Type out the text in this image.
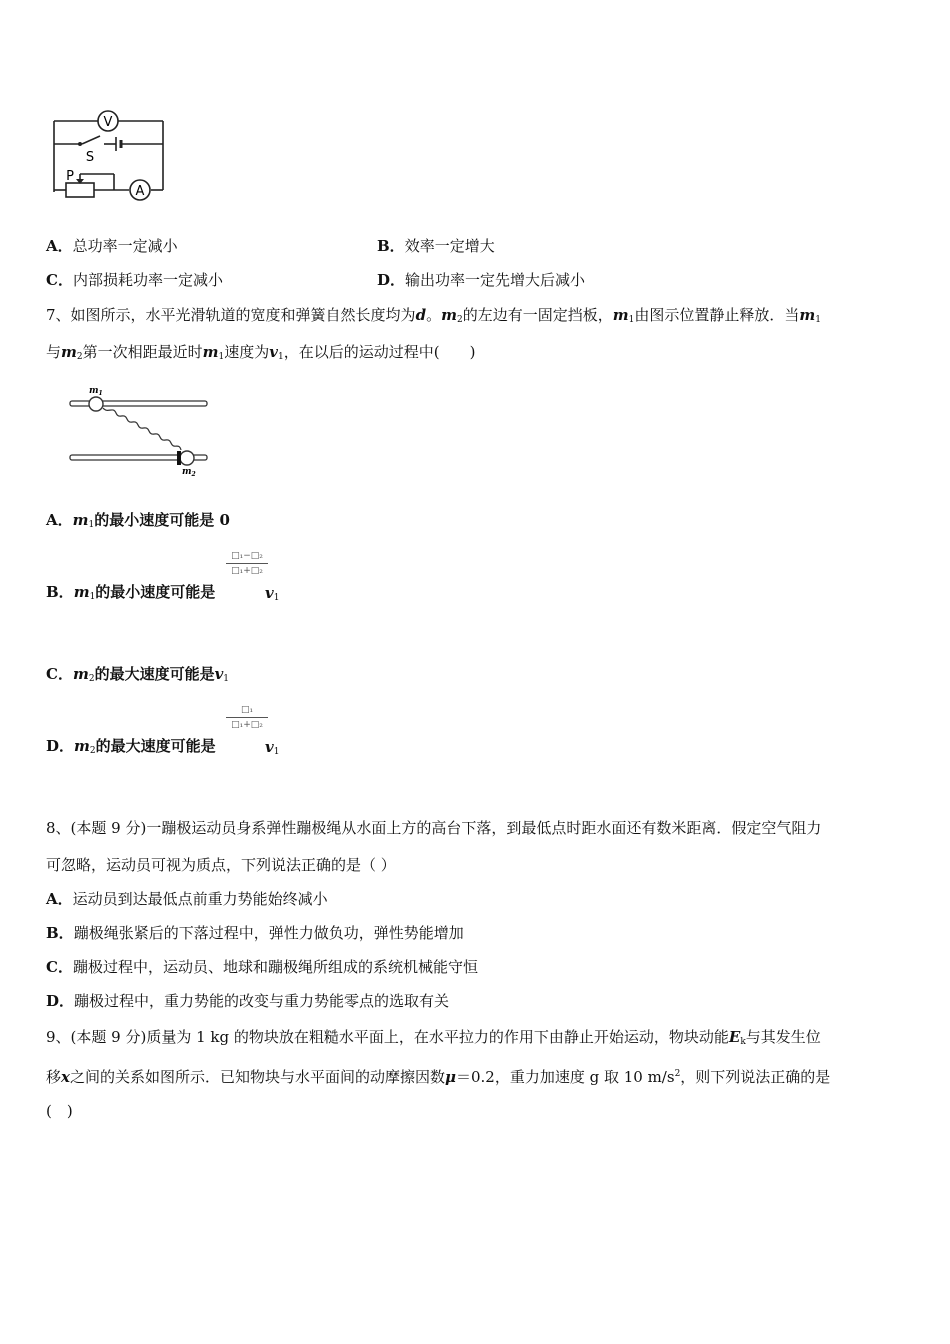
V
A
S
P
A．总功率一定减小	B．效率一定增大
C．内部损耗功率一定减小	D．输出功率一定先增大后减小
7、如图所示，水平光滑轨道的宽度和弹簧自然长度均为d。$m_2$的左边有一固定挡板，$m_1$由图示位置静止释放．当$m_1$
与$m_2$第一次相距最近时$m_1$速度为$v_1$，在以后的运动过程中(　　)
$m_1$
$m_2$
A．$m_1$的最小速度可能是 0
□₁−□₂
□₁+□₂
B．$m_1$的最小速度可能是	$v_1$
C．$m_2$的最大速度可能是$v_1$
□₁
□₁+□₂
D．$m_2$的最大速度可能是	$v_1$
8、(本题 9 分)一蹦极运动员身系弹性蹦极绳从水面上方的高台下落，到最低点时距水面还有数米距离．假定空气阻力
可忽略，运动员可视为质点，下列说法正确的是（ ）
A．运动员到达最低点前重力势能始终减小
B．蹦极绳张紧后的下落过程中，弹性力做负功，弹性势能增加
C．蹦极过程中，运动员、地球和蹦极绳所组成的系统机械能守恒
D．蹦极过程中，重力势能的改变与重力势能零点的选取有关
9、(本题 9 分)质量为 1 kg 的物块放在粗糙水平面上，在水平拉力的作用下由静止开始运动，物块动能$E_k$与其发生位
移x之间的关系如图所示．已知物块与水平面间的动摩擦因数μ＝0.2，重力加速度 g 取 10 $m/s^2$，则下列说法正确的是
(　)
